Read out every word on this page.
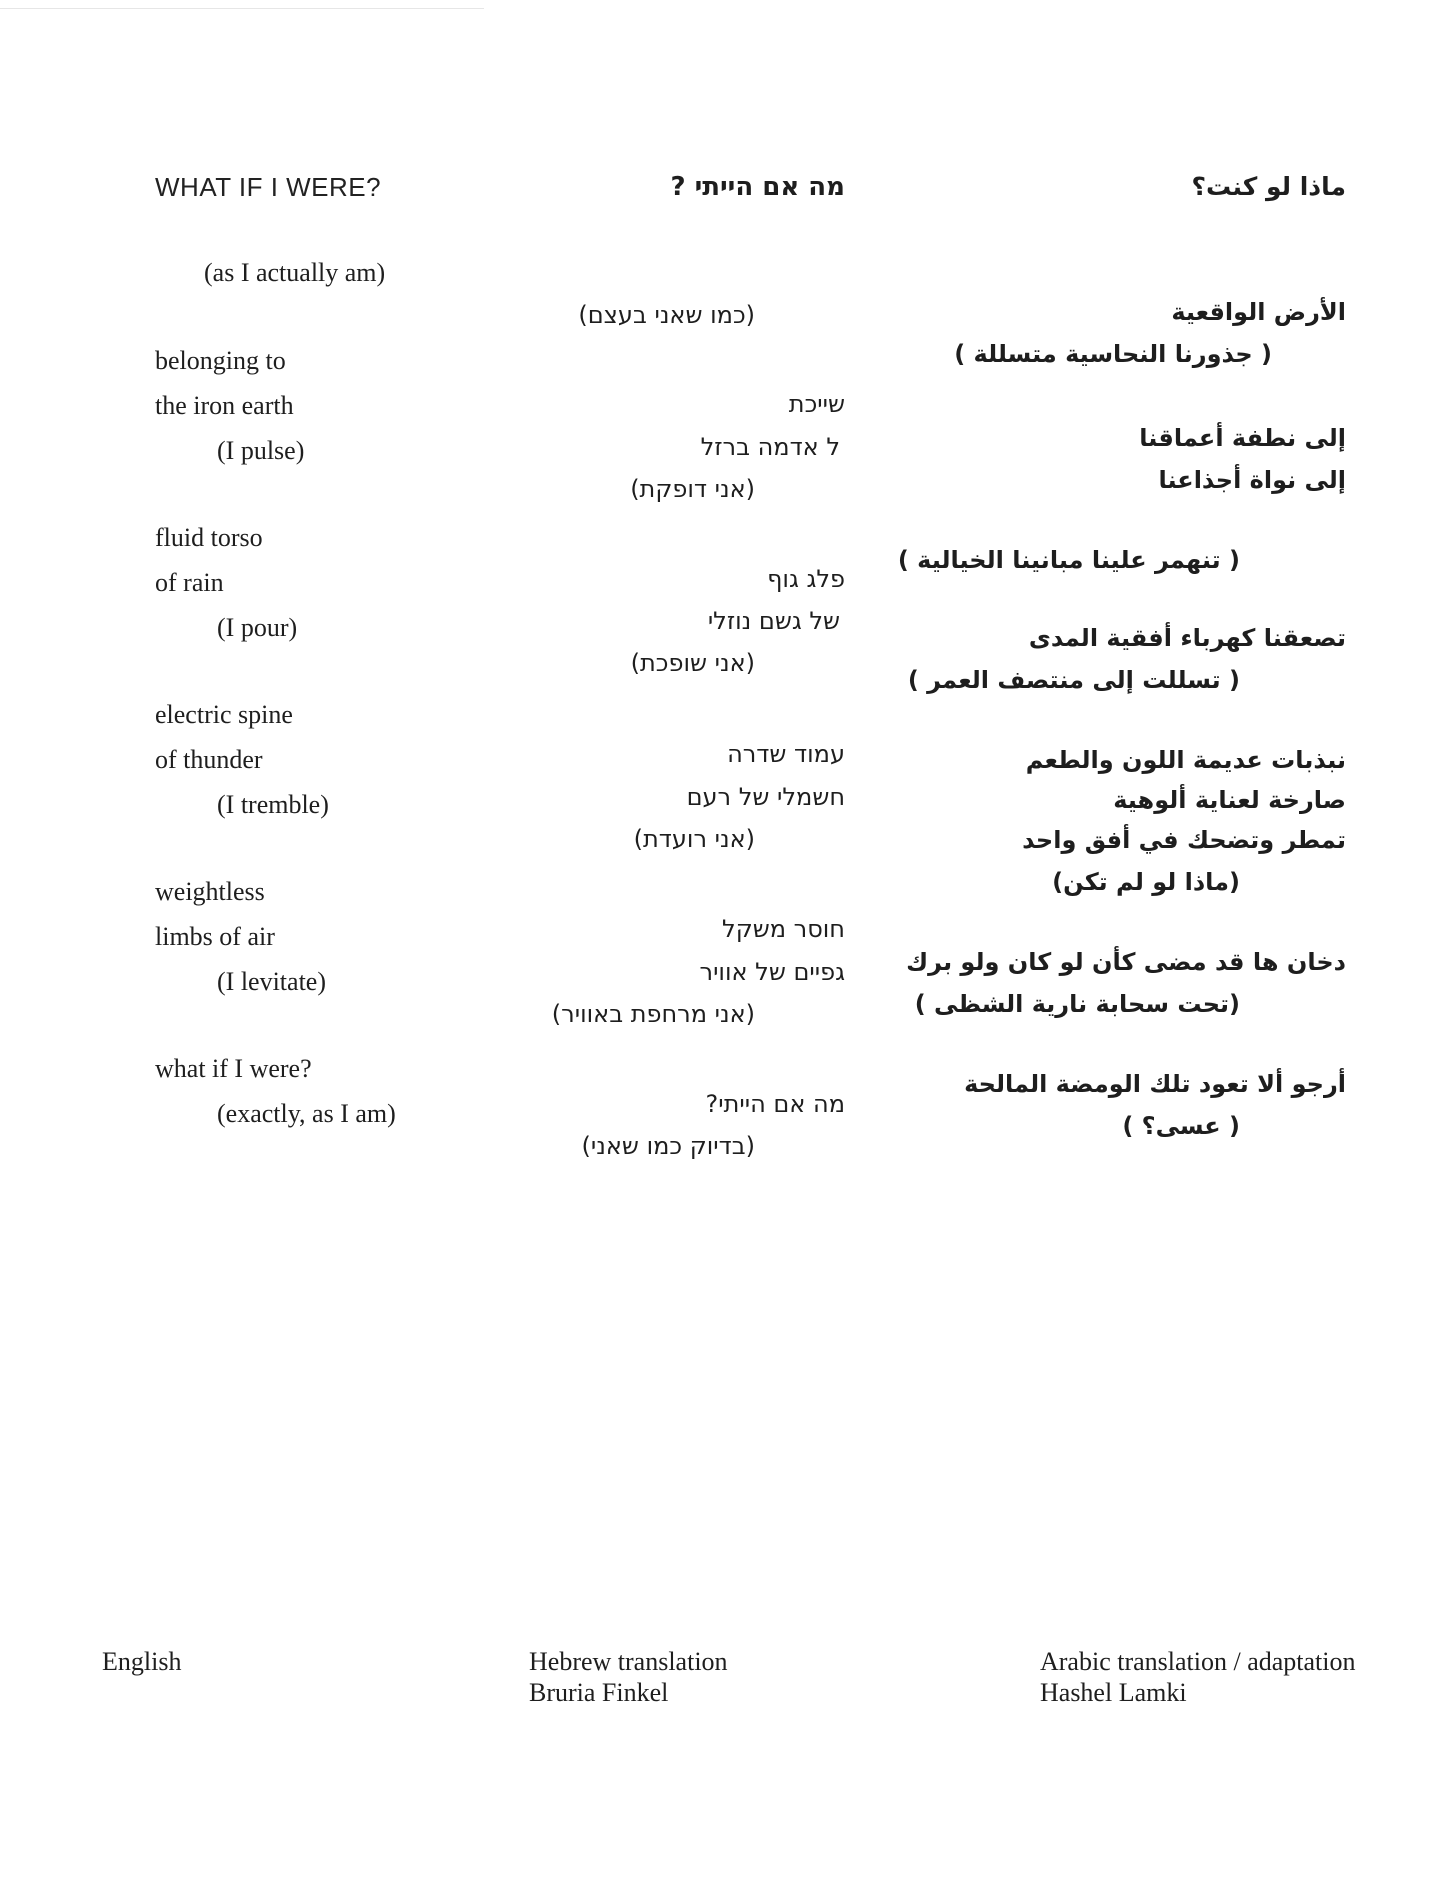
WHAT IF I WERE?
(as I actually am)
belonging to
the iron earth
(I pulse)
fluid torso
of rain
(I pour)
electric spine
of thunder
(I tremble)
weightless
limbs of air
(I levitate)
what if I were?
(exactly, as I am)
מה אם הייתי ?
(כמו שאני בעצם)
שייכת
ל אדמה ברזל
(אני דופקת)
פלג גוף
של גשם נוזלי
(אני שופכת)
עמוד שדרה
חשמלי של רעם
(אני רועדת)
חוסר משקל
גפיים של אוויר
(אני מרחפת באוויר)
מה אם הייתי?
(בדיוק כמו שאני)
ماذا لو كنت؟
الأرض الواقعية
( جذورنا النحاسية متسللة )
إلى نطفة أعماقنا
إلى نواة أجذاعنا
( تنهمر علينا مبانينا الخيالية )
تصعقنا كهرباء أفقية المدى
( تسللت إلى منتصف العمر )
نبذبات عديمة اللون والطعم
صارخة لعناية ألوهية
تمطر وتضحك في أفق واحد
(ماذا لو لم تكن)
دخان ها قد مضى كأن لو كان ولو برك
(تحت سحابة نارية الشظى )
أرجو ألا تعود تلك الومضة المالحة
( عسى؟ )
English	Hebrew translation
Bruria Finkel
Arabic translation / adaptation
Hashel Lamki
